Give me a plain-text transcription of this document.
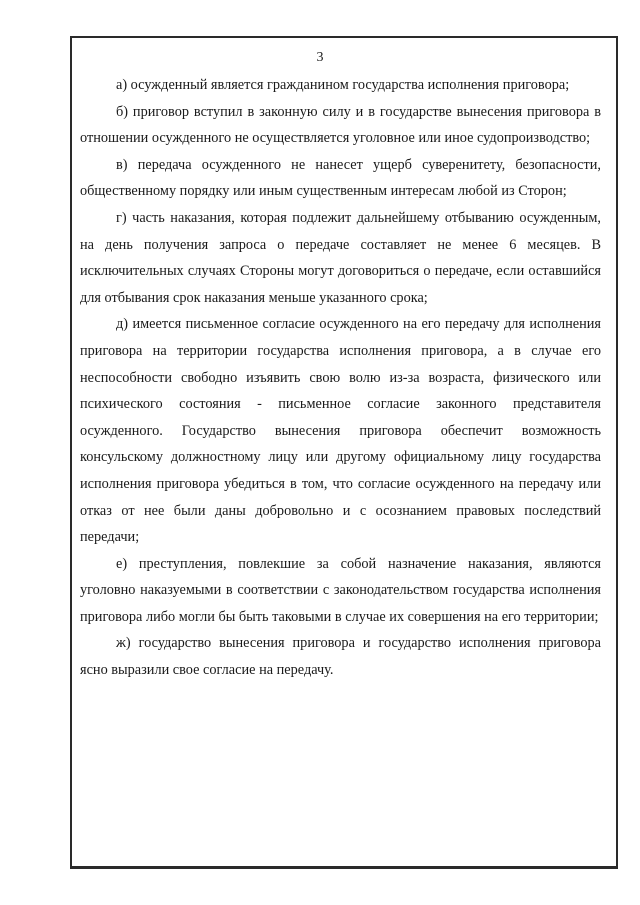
3

а) осужденный является гражданином государства исполнения приговора;

б) приговор вступил в законную силу и в государстве вынесения приговора в отношении осужденного не осуществляется уголовное или иное судопроизводство;

в) передача осужденного не нанесет ущерб суверенитету, безопасности, общественному порядку или иным существенным интересам любой из Сторон;

г) часть наказания, которая подлежит дальнейшему отбыванию осужденным, на день получения запроса о передаче составляет не менее 6 месяцев. В исключительных случаях Стороны могут договориться о передаче, если оставшийся для отбывания срок наказания меньше указанного срока;

д) имеется письменное согласие осужденного на его передачу для исполнения приговора на территории государства исполнения приговора, а в случае его неспособности свободно изъявить свою волю из-за возраста, физического или психического состояния - письменное согласие законного представителя осужденного. Государство вынесения приговора обеспечит возможность консульскому должностному лицу или другому официальному лицу государства исполнения приговора убедиться в том, что согласие осужденного на передачу или отказ от нее были даны добровольно и с осознанием правовых последствий передачи;

е) преступления, повлекшие за собой назначение наказания, являются уголовно наказуемыми в соответствии с законодательством государства исполнения приговора либо могли бы быть таковыми в случае их совершения на его территории;

ж) государство вынесения приговора и государство исполнения приговора ясно выразили свое согласие на передачу.
